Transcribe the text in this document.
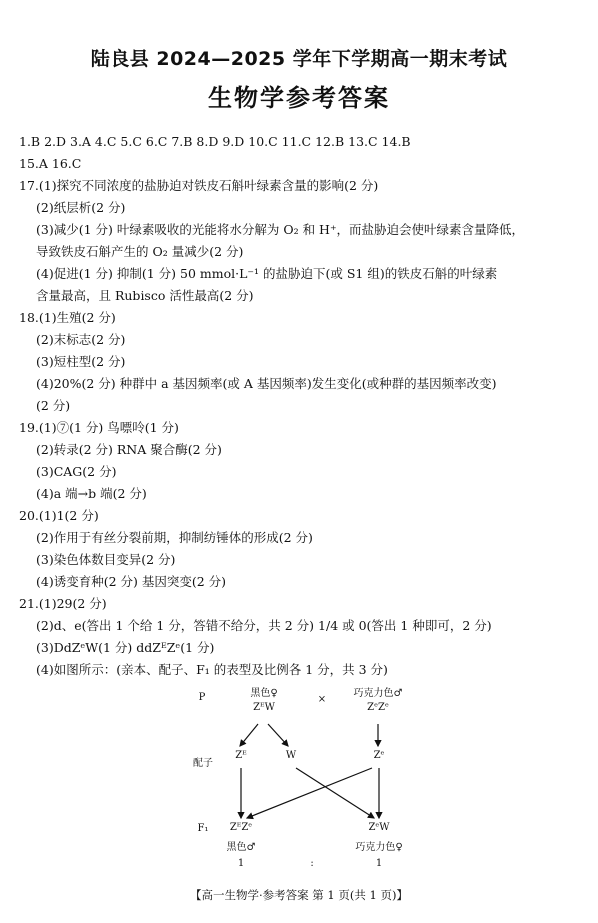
陆良县 2024—2025 学年下学期高一期末考试
生物学参考答案
1.B 2.D 3.A 4.C 5.C 6.C 7.B 8.D 9.D 10.C 11.C 12.B 13.C 14.B
15.A 16.C
17.(1)探究不同浓度的盐胁迫对铁皮石斛叶绿素含量的影响(2 分)
(2)纸层析(2 分)
(3)减少(1 分) 叶绿素吸收的光能将水分解为 O₂ 和 H⁺，而盐胁迫会使叶绿素含量降低，
导致铁皮石斛产生的 O₂ 量减少(2 分)
(4)促进(1 分) 抑制(1 分) 50 mmol·L⁻¹ 的盐胁迫下(或 S1 组)的铁皮石斛的叶绿素
含量最高，且 Rubisco 活性最高(2 分)
18.(1)生殖(2 分)
(2)末标志(2 分)
(3)短柱型(2 分)
(4)20%(2 分) 种群中 a 基因频率(或 A 基因频率)发生变化(或种群的基因频率改变)
(2 分)
19.(1)⑦(1 分) 鸟嘌呤(1 分)
(2)转录(2 分) RNA 聚合酶(2 分)
(3)CAG(2 分)
(4)a 端→b 端(2 分)
20.(1)1(2 分)
(2)作用于有丝分裂前期，抑制纺锤体的形成(2 分)
(3)染色体数目变异(2 分)
(4)诱变育种(2 分) 基因突变(2 分)
21.(1)29(2 分)
(2)d、e(答出 1 个给 1 分，答错不给分，共 2 分) 1/4 或 0(答出 1 种即可，2 分)
(3)DdZᵉW(1 分) ddZᴱZᵉ(1 分)
(4)如图所示：(亲本、配子、F₁ 的表型及比例各 1 分，共 3 分)
P	黑色♀
ZᴱW
×
巧克力色♂
ZᵉZᵉ
配子
Zᴱ	W	Zᵉ
F₁ ZᴱZᵉ
黑色♂
ZᵉW
巧克力色♀
1	:	1
【高一生物学·参考答案 第 1 页(共 1 页)】
